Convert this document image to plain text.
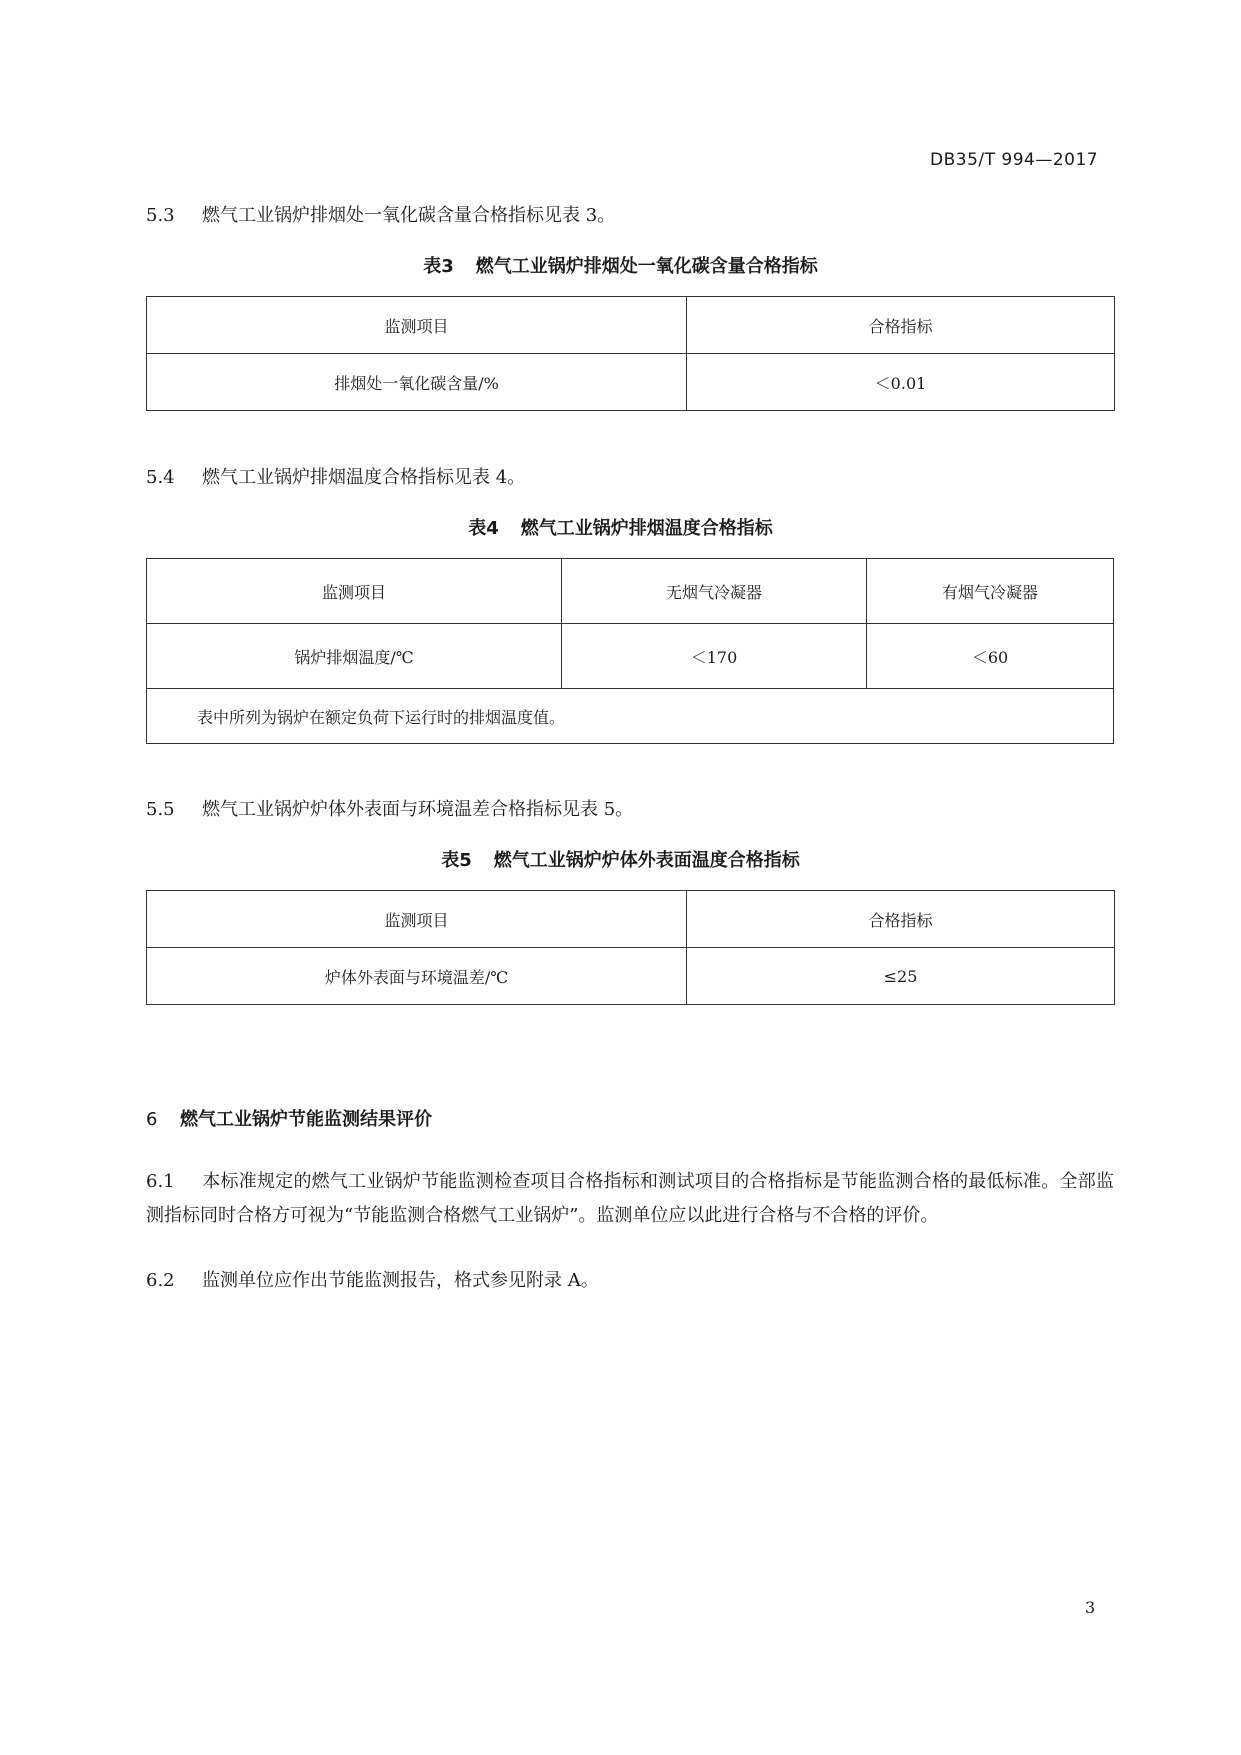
DB35/T 994—2017
5.3 燃气工业锅炉排烟处一氧化碳含量合格指标见表 3。
表3 燃气工业锅炉排烟处一氧化碳含量合格指标
监测项目	合格指标
排烟处一氧化碳含量/%	＜0.01
5.4 燃气工业锅炉排烟温度合格指标见表 4。
表4 燃气工业锅炉排烟温度合格指标
监测项目	无烟气冷凝器	有烟气冷凝器
锅炉排烟温度/℃	＜170	＜60
表中所列为锅炉在额定负荷下运行时的排烟温度值。		
5.5 燃气工业锅炉炉体外表面与环境温差合格指标见表 5。
表5 燃气工业锅炉炉体外表面温度合格指标
监测项目	合格指标
炉体外表面与环境温差/℃	≤25
6 燃气工业锅炉节能监测结果评价
6.1 本标准规定的燃气工业锅炉节能监测检查项目合格指标和测试项目的合格指标是节能监测合格的最低标准。全部监测指标同时合格方可视为“节能监测合格燃气工业锅炉”。监测单位应以此进行合格与不合格的评价。
6.2 监测单位应作出节能监测报告，格式参见附录 A。
3
